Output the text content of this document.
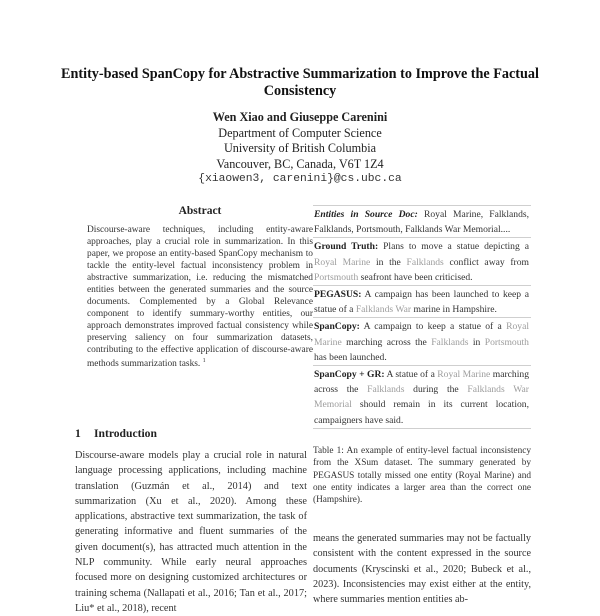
Entity-based SpanCopy for Abstractive Summarization to Improve the Factual Consistency
Wen Xiao and Giuseppe Carenini
Department of Computer Science
University of British Columbia
Vancouver, BC, Canada, V6T 1Z4
{xiaowen3, carenini}@cs.ubc.ca
Abstract
Discourse-aware techniques, including entity-aware approaches, play a crucial role in summarization. In this paper, we propose an entity-based SpanCopy mechanism to tackle the entity-level factual inconsistency problem in abstractive summarization, i.e. reducing the mismatched entities between the generated summaries and the source documents. Complemented by a Global Relevance component to identify summary-worthy entities, our approach demonstrates improved factual consistency while preserving saliency on four summarization datasets, contributing to the effective application of discourse-aware methods summarization tasks. $^1$
1 Introduction
Discourse-aware models play a crucial role in natural language processing applications, including machine translation (Guzmán et al., 2014) and text summarization (Xu et al., 2020). Among these applications, abstractive text summarization, the task of generating informative and fluent summaries of the given document(s), has attracted much attention in the NLP community. While early neural approaches focused more on designing customized architectures or training schema (Nallapati et al., 2016; Tan et al., 2017; Liu* et al., 2018), recent
Entities in Source Doc: Royal Marine, Falklands, Falklands, Portsmouth, Falklands War Memorial....
Ground Truth: Plans to move a statue depicting a Royal Marine in the Falklands conflict away from Portsmouth seafront have been criticised.
PEGASUS: A campaign has been launched to keep a statue of a Falklands War marine in Hampshire.
SpanCopy: A campaign to keep a statue of a Royal Marine marching across the Falklands in Portsmouth has been launched.
SpanCopy + GR: A statue of a Royal Marine marching across the Falklands during the Falklands War Memorial should remain in its current location, campaigners have said.
Table 1: An example of entity-level factual inconsistency from the XSum dataset. The summary generated by PEGASUS totally missed one entity (Royal Marine) and one entity indicates a larger area than the correct one (Hampshire).
means the generated summaries may not be factually consistent with the content expressed in the source documents (Kryscinski et al., 2020; Bubeck et al., 2023). Inconsistencies may exist either at the entity, where summaries mention entities ab-
